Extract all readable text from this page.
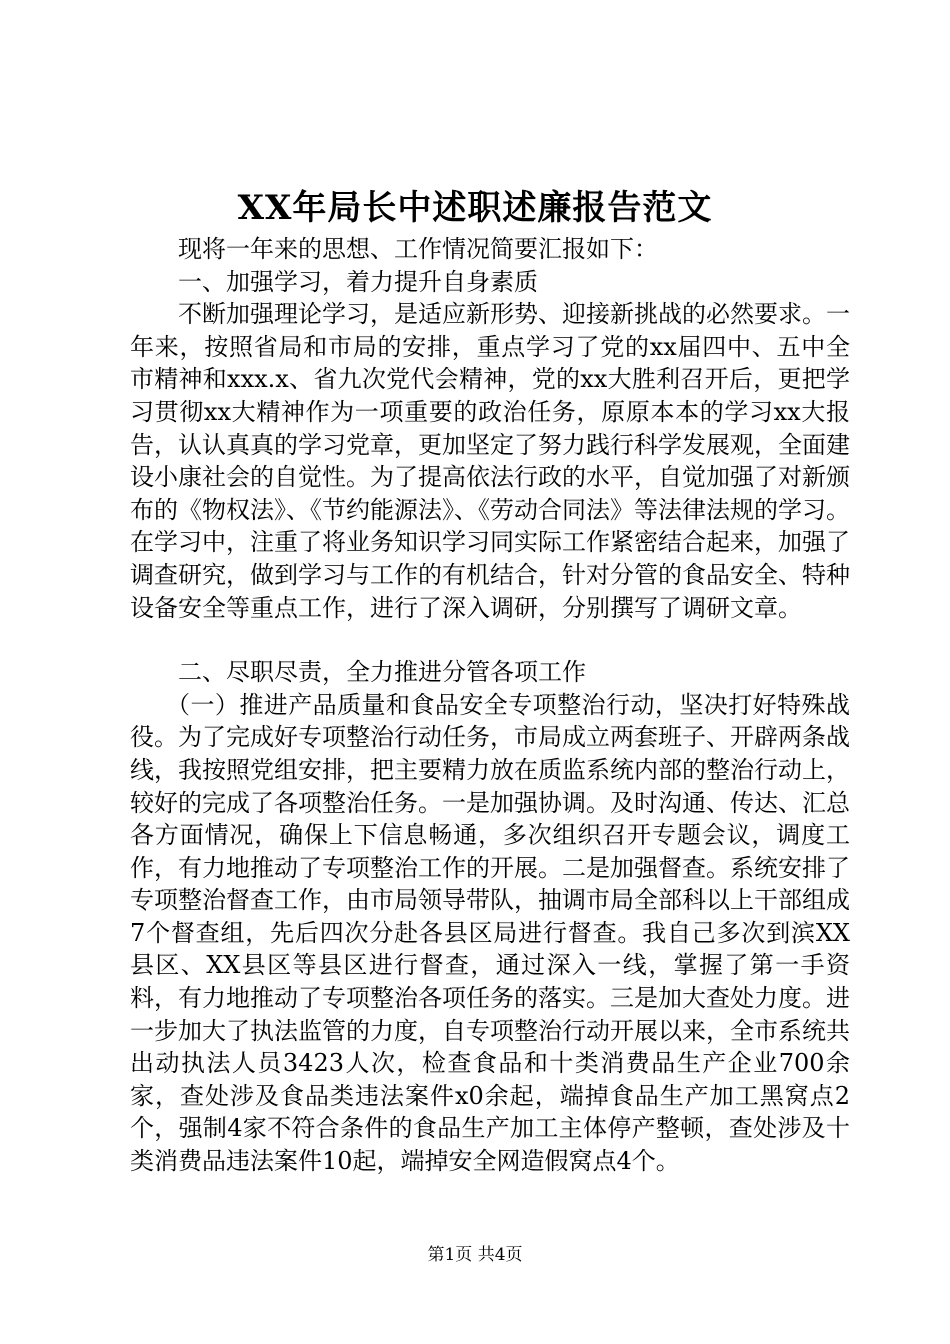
XX年局长中述职述廉报告范文

现将一年来的思想、工作情况简要汇报如下：

一、加强学习，着力提升自身素质

不断加强理论学习，是适应新形势、迎接新挑战的必然要求。一年来，按照省局和市局的安排，重点学习了党的xx届四中、五中全市精神和xxx.x、省九次党代会精神，党的xx大胜利召开后，更把学习贯彻xx大精神作为一项重要的政治任务，原原本本的学习xx大报告，认认真真的学习党章，更加坚定了努力践行科学发展观，全面建设小康社会的自觉性。为了提高依法行政的水平，自觉加强了对新颁布的《物权法》、《节约能源法》、《劳动合同法》等法律法规的学习。在学习中，注重了将业务知识学习同实际工作紧密结合起来，加强了调查研究，做到学习与工作的有机结合，针对分管的食品安全、特种设备安全等重点工作，进行了深入调研，分别撰写了调研文章。

二、尽职尽责，全力推进分管各项工作

（一）推进产品质量和食品安全专项整治行动，坚决打好特殊战役。为了完成好专项整治行动任务，市局成立两套班子、开辟两条战线，我按照党组安排，把主要精力放在质监系统内部的整治行动上，较好的完成了各项整治任务。一是加强协调。及时沟通、传达、汇总各方面情况，确保上下信息畅通，多次组织召开专题会议，调度工作，有力地推动了专项整治工作的开展。二是加强督查。系统安排了专项整治督查工作，由市局领导带队，抽调市局全部科以上干部组成7个督查组，先后四次分赴各县区局进行督查。我自己多次到滨XX县区、XX县区等县区进行督查，通过深入一线，掌握了第一手资料，有力地推动了专项整治各项任务的落实。三是加大查处力度。进一步加大了执法监管的力度，自专项整治行动开展以来，全市系统共出动执法人员3423人次，检查食品和十类消费品生产企业700余家，查处涉及食品类违法案件x0余起，端掉食品生产加工黑窝点2个，强制4家不符合条件的食品生产加工主体停产整顿，查处涉及十类消费品违法案件10起，端掉安全网造假窝点4个。

第1页 共4页
